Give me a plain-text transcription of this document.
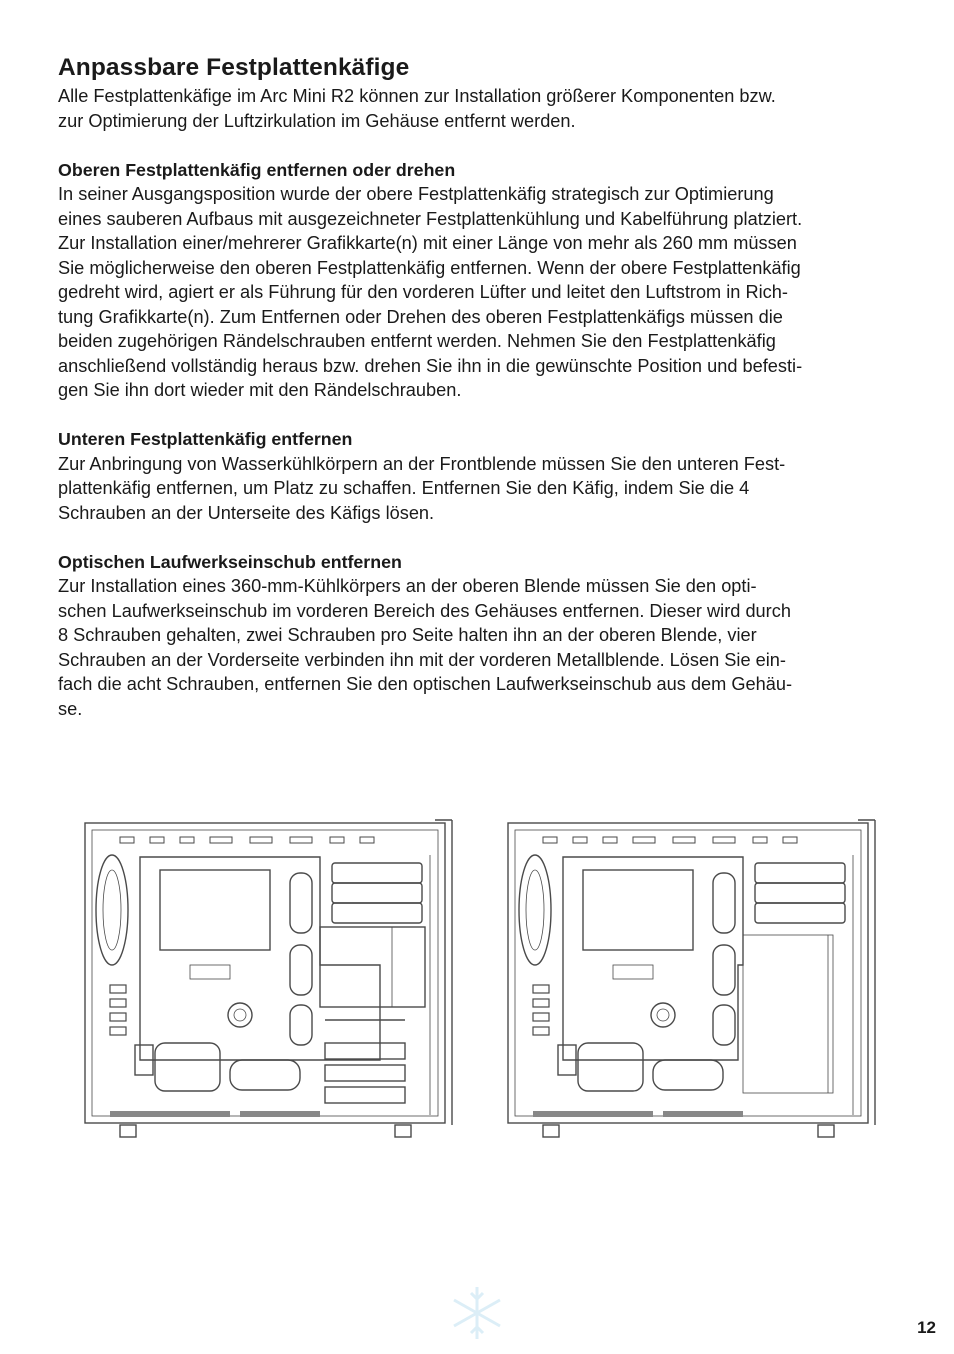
Anpassbare Festplattenkäfige

Alle Festplattenkäfige im Arc Mini R2 können zur Installation größerer Komponenten bzw.
zur Optimierung der Luftzirkulation im Gehäuse entfernt werden.

Oberen Festplattenkäfig entfernen oder drehen

In seiner Ausgangsposition wurde der obere Festplattenkäfig strategisch zur Optimierung
eines sauberen Aufbaus mit ausgezeichneter Festplattenkühlung und Kabelführung platziert.
Zur Installation einer/mehrerer Grafikkarte(n) mit einer Länge von mehr als 260 mm müssen
Sie möglicherweise den oberen Festplattenkäfig entfernen. Wenn der obere Festplattenkäfig
gedreht wird, agiert er als Führung für den vorderen Lüfter und leitet den Luftstrom in Rich-
tung Grafikkarte(n). Zum Entfernen oder Drehen des oberen Festplattenkäfigs müssen die
beiden zugehörigen Rändelschrauben entfernt werden. Nehmen Sie den Festplattenkäfig
anschließend vollständig heraus bzw. drehen Sie ihn in die gewünschte Position und befesti-
gen Sie ihn dort wieder mit den Rändelschrauben.

Unteren Festplattenkäfig entfernen

Zur Anbringung von Wasserkühlkörpern an der Frontblende müssen Sie den unteren Fest-
plattenkäfig entfernen, um Platz zu schaffen. Entfernen Sie den Käfig, indem Sie die 4
Schrauben an der Unterseite des Käfigs lösen.

Optischen Laufwerkseinschub entfernen

Zur Installation eines 360-mm-Kühlkörpers an der oberen Blende müssen Sie den opti-
schen Laufwerkseinschub im vorderen Bereich des Gehäuses entfernen. Dieser wird durch
8 Schrauben gehalten, zwei Schrauben pro Seite halten ihn an der oberen Blende, vier
Schrauben an der Vorderseite verbinden ihn mit der vorderen Metallblende. Lösen Sie ein-
fach die acht Schrauben, entfernen Sie den optischen Laufwerkseinschub aus dem Gehäu-
se.

12
